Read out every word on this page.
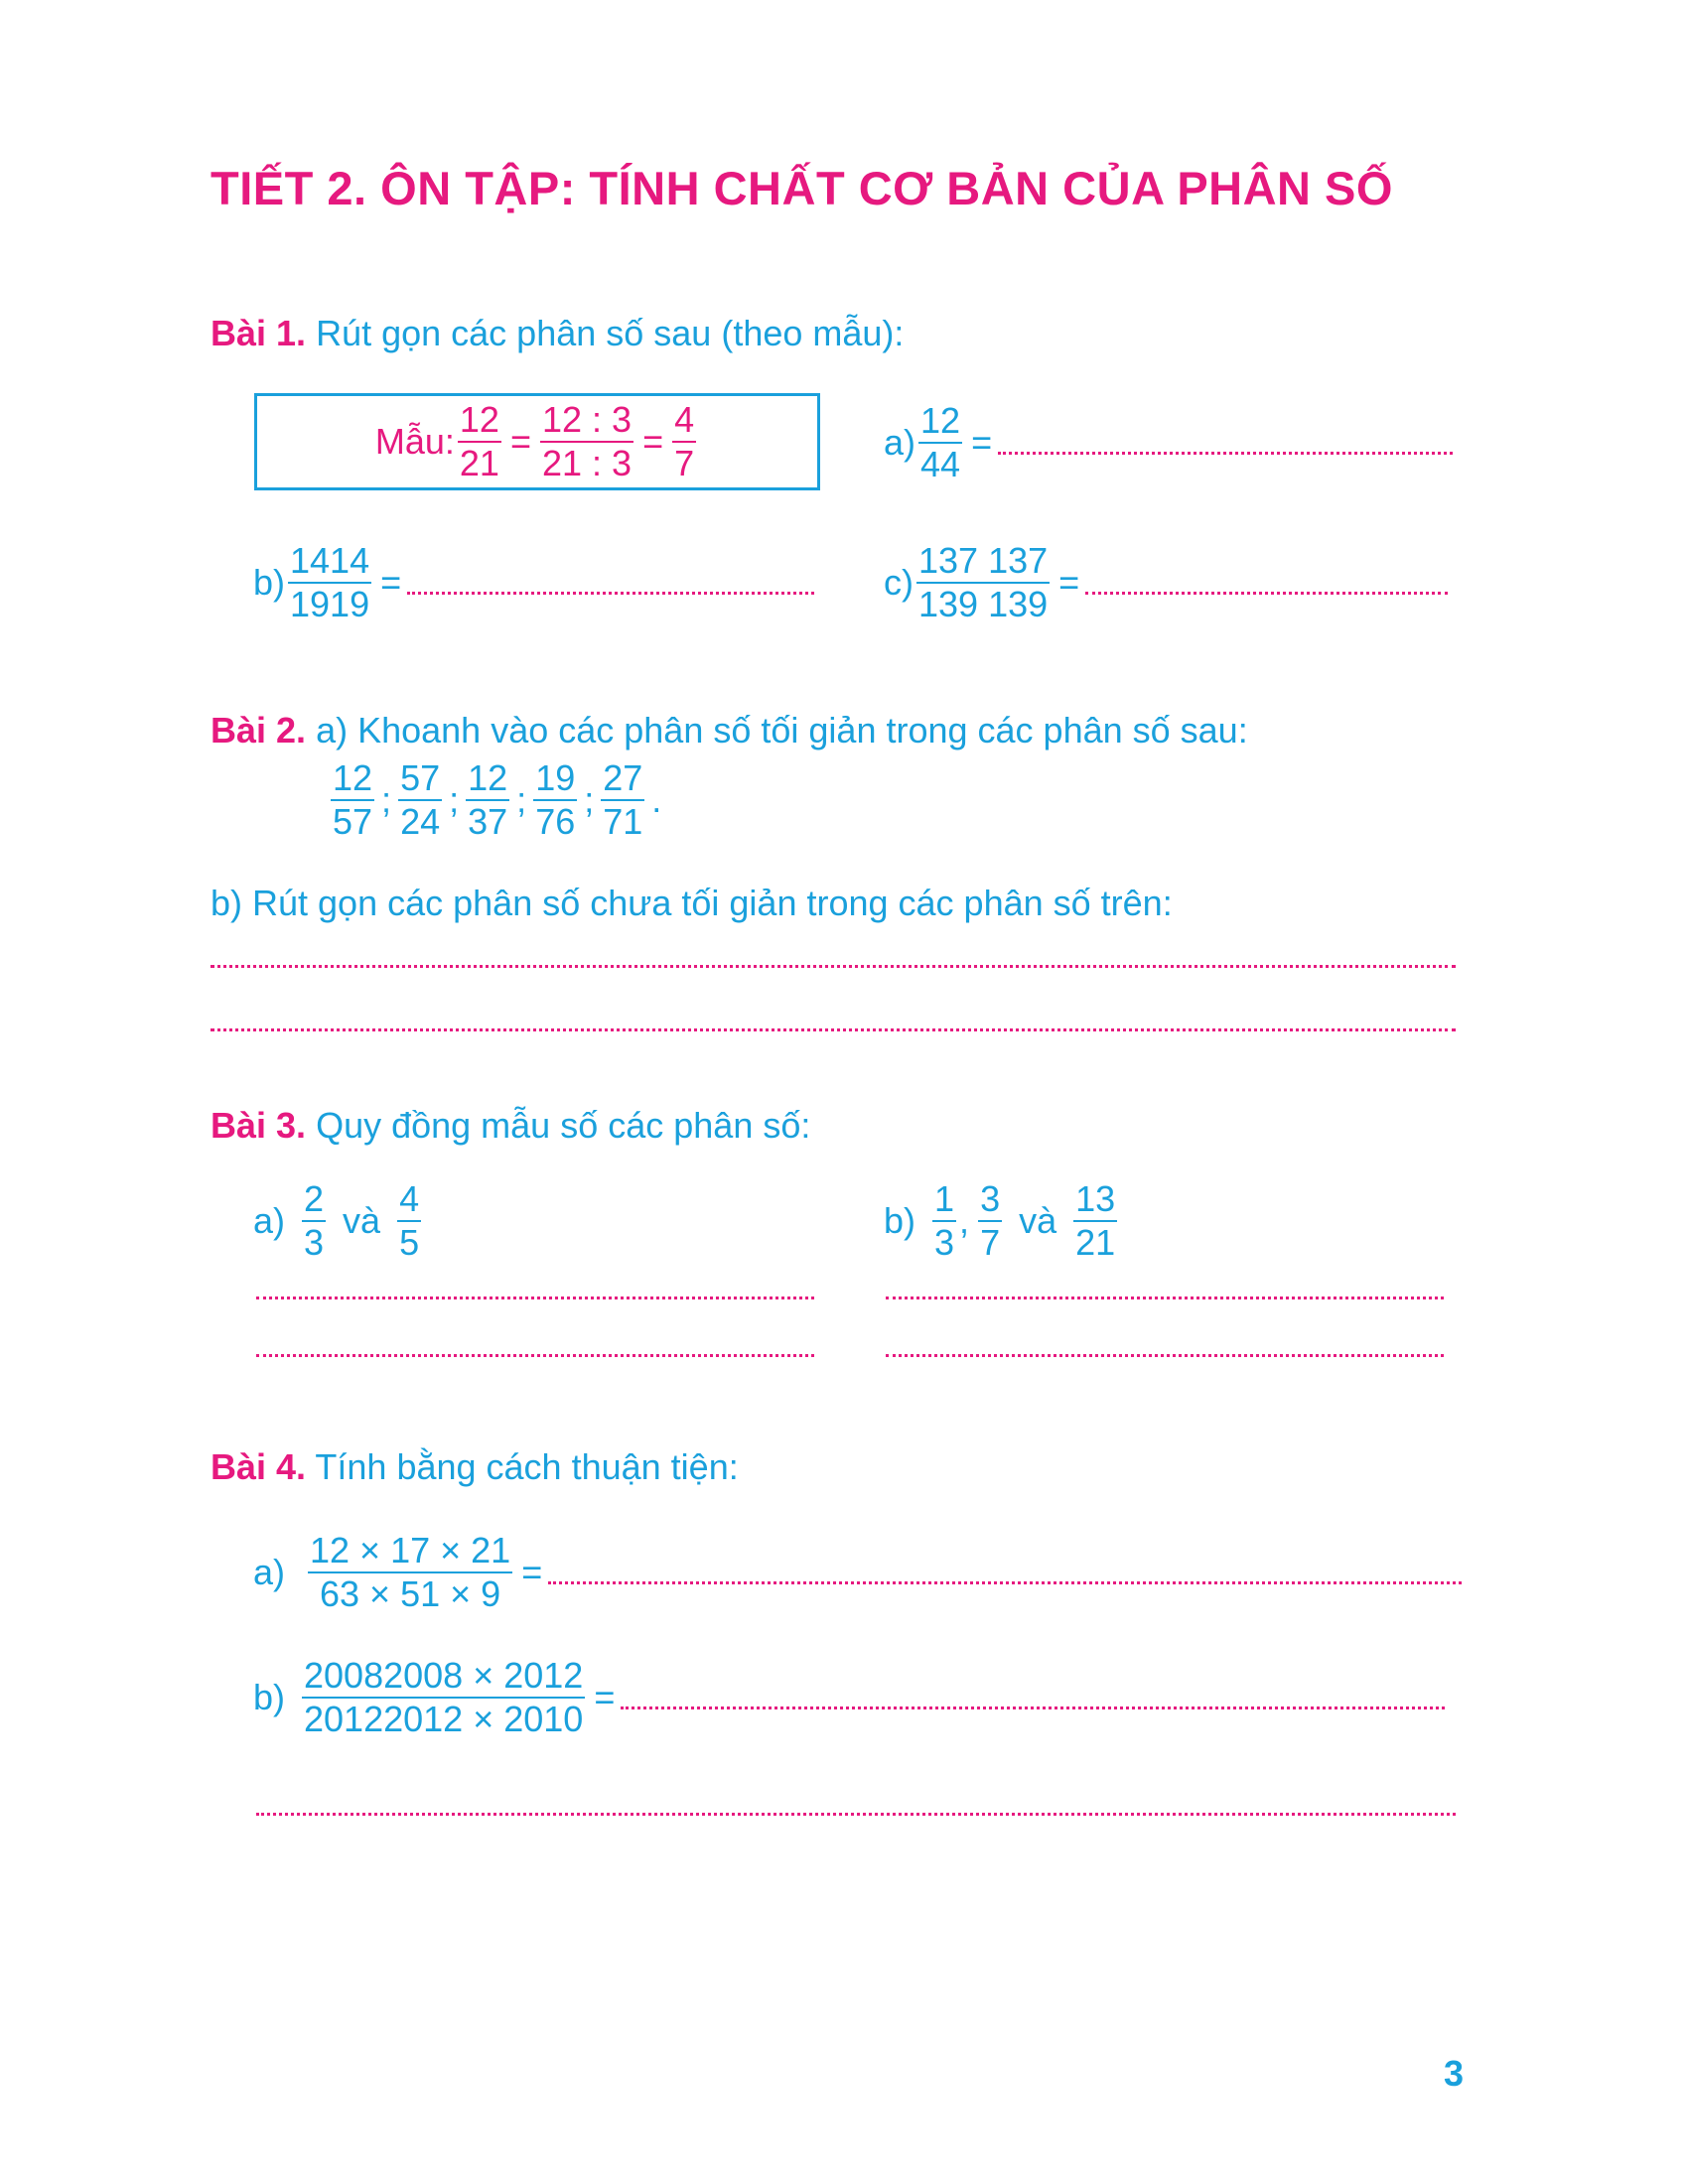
TIẾT 2. ÔN TẬP: TÍNH CHẤT CƠ BẢN CỦA PHÂN SỐ
Bài 1. Rút gọn các phân số sau (theo mẫu):
Mẫu: $\frac{12}{21} = \frac{12 : 3}{21 : 3} = \frac{4}{7}$	$a) \frac{12}{44}$ =
$b) \frac{1414}{1919}$ =	$c) \frac{137 137}{139 139}$ =
Bài 2. a) Khoanh vào các phân số tối giản trong các phân số sau:
$\frac{12}{57}$ ; $\frac{57}{24}$ ; $\frac{12}{37}$ ; $\frac{19}{76}$ ; $\frac{27}{71}$ .
b) Rút gọn các phân số chưa tối giản trong các phân số trên:
Bài 3. Quy đồng mẫu số các phân số:
$a) \frac{2}{3}$ và $\frac{4}{5}$	$b) \frac{1}{3}$ , $\frac{3}{7}$ và $\frac{13}{21}$
Bài 4. Tính bằng cách thuận tiện:
$a) \frac{12 \times 17 \times 21}{63 \times 51 \times 9}$ =
$b) \frac{20082008 \times 2012}{20122012 \times 2010}$ =
3
